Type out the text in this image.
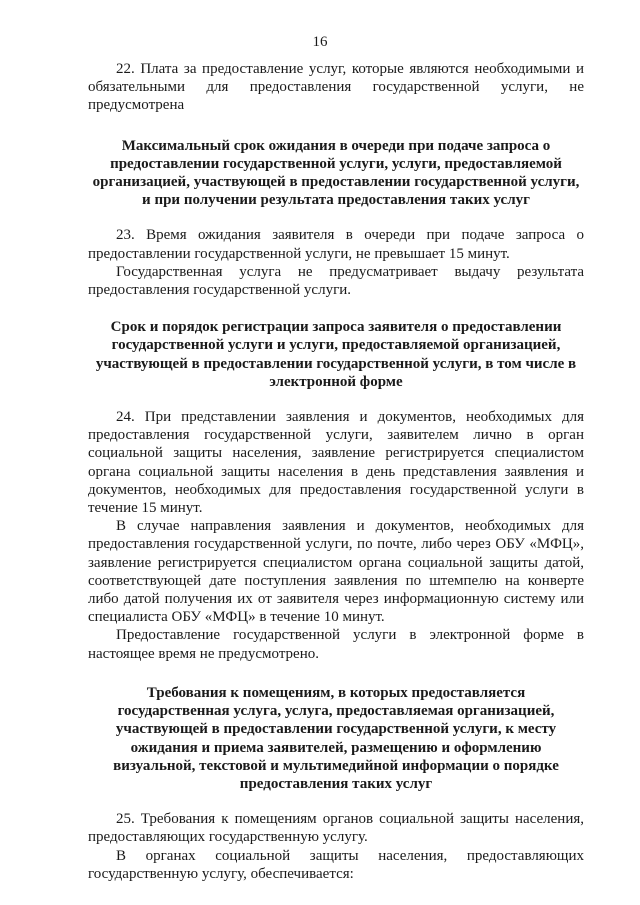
16

22. Плата за предоставление услуг, которые являются необходимыми и обязательными для предоставления государственной услуги, не предусмотрена

Максимальный срок ожидания в очереди при подаче запроса о предоставлении государственной услуги, услуги, предоставляемой организацией, участвующей в предоставлении государственной услуги, и при получении результата предоставления таких услуг

23. Время ожидания заявителя в очереди при подаче запроса о предоставлении государственной услуги, не превышает 15 минут.

Государственная услуга не предусматривает выдачу результата предоставления государственной услуги.

Срок и порядок регистрации запроса заявителя о предоставлении государственной услуги и услуги, предоставляемой организацией, участвующей в предоставлении государственной услуги, в том числе в электронной форме

24. При представлении заявления и документов, необходимых для предоставления государственной услуги, заявителем лично в орган социальной защиты населения, заявление регистрируется специалистом органа социальной защиты населения в день представления заявления и документов, необходимых для предоставления государственной услуги в течение 15 минут.

В случае направления заявления и документов, необходимых для предоставления государственной услуги, по почте, либо через ОБУ «МФЦ», заявление регистрируется специалистом органа социальной защиты датой, соответствующей дате поступления заявления по штемпелю на конверте либо датой получения их от заявителя через информационную систему или специалиста ОБУ «МФЦ» в течение 10 минут.

Предоставление государственной услуги в электронной форме в настоящее время не предусмотрено.

Требования к помещениям, в которых предоставляется государственная услуга, услуга, предоставляемая организацией, участвующей в предоставлении государственной услуги, к месту ожидания и приема заявителей, размещению и оформлению визуальной, текстовой и мультимедийной информации о порядке предоставления таких услуг

25. Требования к помещениям органов социальной защиты населения, предоставляющих государственную услугу.

В органах социальной защиты населения, предоставляющих государственную услугу, обеспечивается:
